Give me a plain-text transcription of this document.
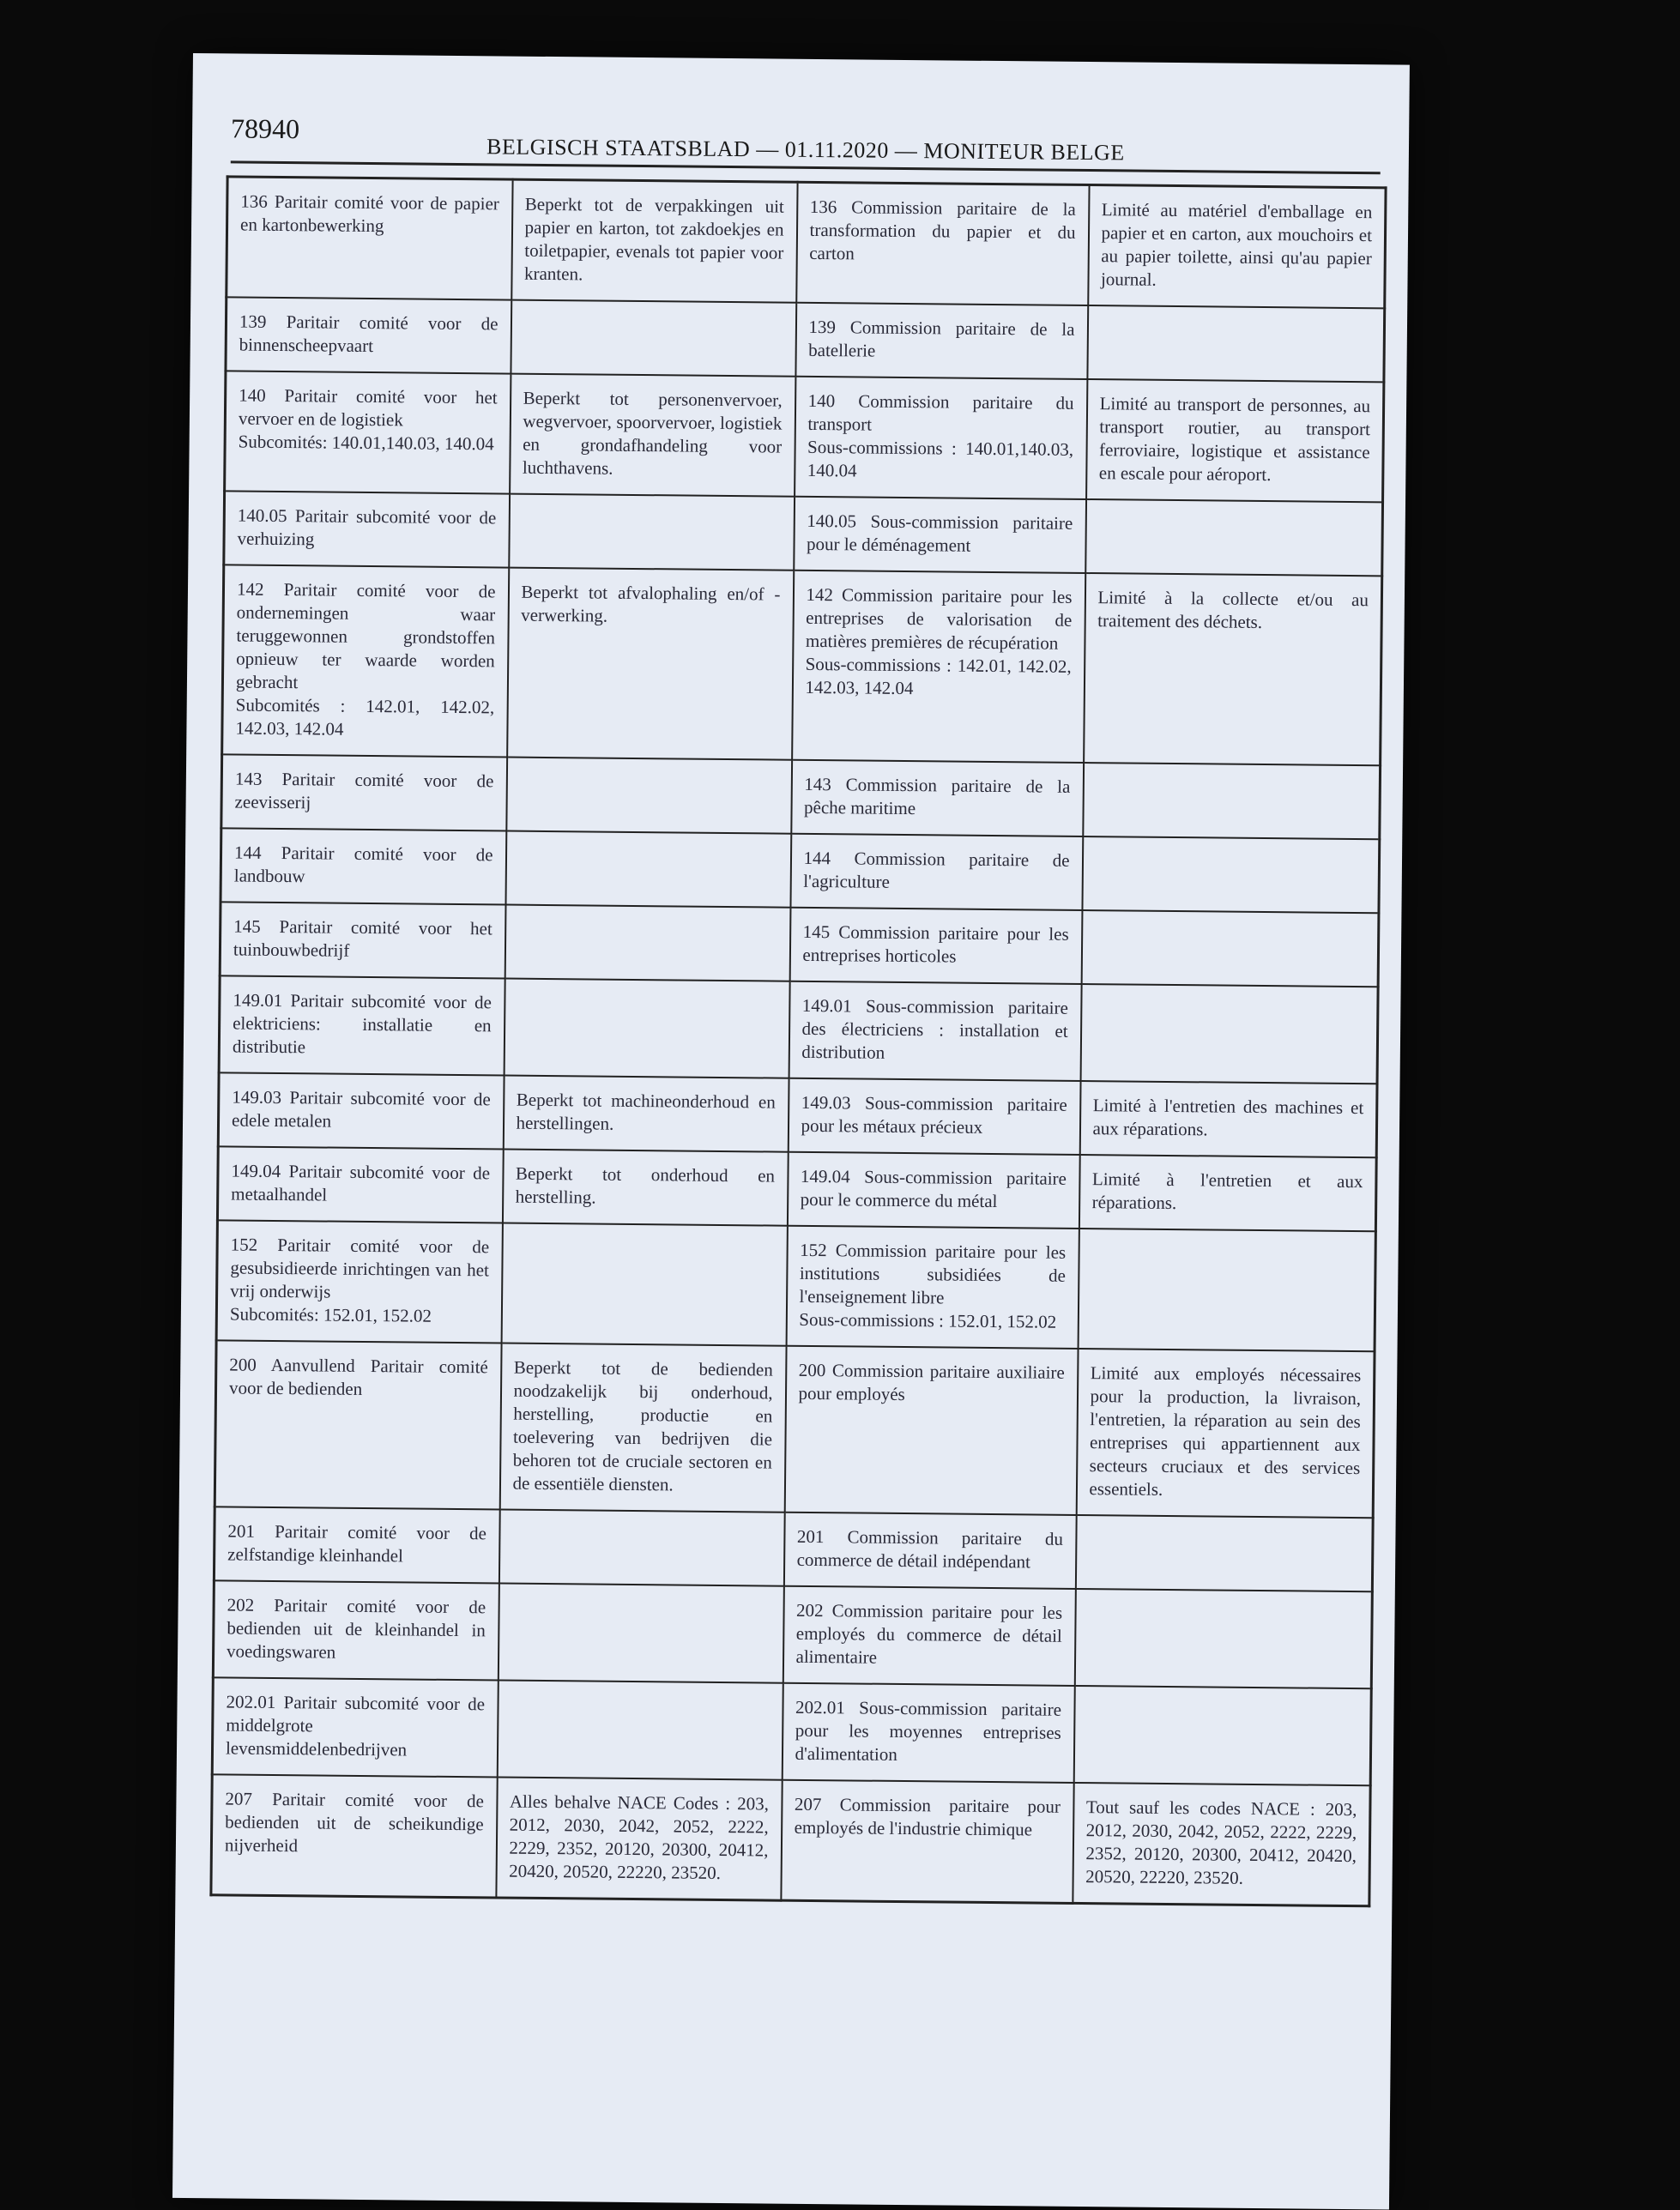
78940
BELGISCH STAATSBLAD — 01.11.2020 — MONITEUR BELGE
136 Paritair comité voor de papier en kartonbewerking	Beperkt tot de verpakkingen uit papier en karton, tot zakdoekjes en toiletpapier, evenals tot papier voor kranten.	136 Commission paritaire de la transformation du papier et du carton	Limité au matériel d'emballage en papier et en carton, aux mouchoirs et au papier toilette, ainsi qu'au papier journal.

139 Paritair comité voor de binnenscheepvaart		139 Commission paritaire de la batellerie	

140 Paritair comité voor het vervoer en de logistiek
Subcomités: 140.01,140.03, 140.04	Beperkt tot personenvervoer, wegvervoer, spoorvervoer, logistiek en grondafhandeling voor luchthavens.	140 Commission paritaire du transport
Sous-commissions : 140.01,140.03, 140.04	Limité au transport de personnes, au transport routier, au transport ferroviaire, logistique et assistance en escale pour aéroport.

140.05 Paritair subcomité voor de verhuizing		140.05 Sous-commission paritaire pour le déménagement	

142 Paritair comité voor de ondernemingen waar teruggewonnen grondstoffen opnieuw ter waarde worden gebracht
Subcomités : 142.01, 142.02, 142.03, 142.04	Beperkt tot afvalophaling en/of -verwerking.	142 Commission paritaire pour les entreprises de valorisation de matières premières de récupération
Sous-commissions : 142.01, 142.02, 142.03, 142.04	Limité à la collecte et/ou au traitement des déchets.

143 Paritair comité voor de zeevisserij		143 Commission paritaire de la pêche maritime	

144 Paritair comité voor de landbouw		144 Commission paritaire de l'agriculture	

145 Paritair comité voor het tuinbouwbedrijf		145 Commission paritaire pour les entreprises horticoles	

149.01 Paritair subcomité voor de elektriciens: installatie en distributie		149.01 Sous-commission paritaire des électriciens : installation et distribution	

149.03 Paritair subcomité voor de edele metalen	Beperkt tot machineonderhoud en herstellingen.	149.03 Sous-commission paritaire pour les métaux précieux	Limité à l'entretien des machines et aux réparations.

149.04 Paritair subcomité voor de metaalhandel	Beperkt tot onderhoud en herstelling.	149.04 Sous-commission paritaire pour le commerce du métal	Limité à l'entretien et aux réparations.

152 Paritair comité voor de gesubsidieerde inrichtingen van het vrij onderwijs
Subcomités: 152.01, 152.02		152 Commission paritaire pour les institutions subsidiées de l'enseignement libre
Sous-commissions : 152.01, 152.02	

200 Aanvullend Paritair comité voor de bedienden	Beperkt tot de bedienden noodzakelijk bij onderhoud, herstelling, productie en toelevering van bedrijven die behoren tot de cruciale sectoren en de essentiële diensten.	200 Commission paritaire auxiliaire pour employés	Limité aux employés nécessaires pour la production, la livraison, l'entretien, la réparation au sein des entreprises qui appartiennent aux secteurs cruciaux et des services essentiels.

201 Paritair comité voor de zelfstandige kleinhandel		201 Commission paritaire du commerce de détail indépendant	

202 Paritair comité voor de bedienden uit de kleinhandel in voedingswaren		202 Commission paritaire pour les employés du commerce de détail alimentaire	

202.01 Paritair subcomité voor de middelgrote levensmiddelenbedrijven		202.01 Sous-commission paritaire pour les moyennes entreprises d'alimentation	

207 Paritair comité voor de bedienden uit de scheikundige nijverheid	Alles behalve NACE Codes : 203, 2012, 2030, 2042, 2052, 2222, 2229, 2352, 20120, 20300, 20412, 20420, 20520, 22220, 23520.	207 Commission paritaire pour employés de l'industrie chimique	Tout sauf les codes NACE : 203, 2012, 2030, 2042, 2052, 2222, 2229, 2352, 20120, 20300, 20412, 20420, 20520, 22220, 23520.
